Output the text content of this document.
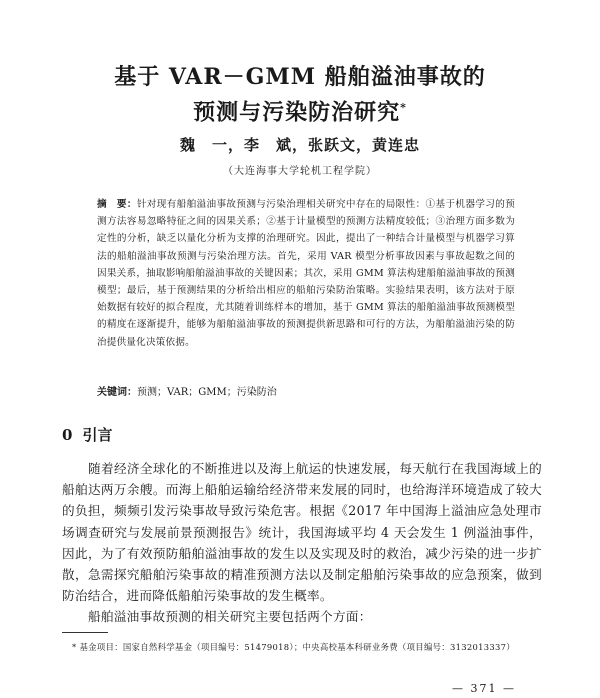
基于 VAR－GMM 船舶溢油事故的
预测与污染防治研究*
魏　一，李　斌，张跃文，黄连忠
（大连海事大学轮机工程学院）
摘　要：针对现有船舶溢油事故预测与污染治理相关研究中存在的局限性：①基于机器学习的预测方法容易忽略特征之间的因果关系；②基于计量模型的预测方法精度较低；③治理方面多数为定性的分析，缺乏以量化分析为支撑的治理研究。因此，提出了一种结合计量模型与机器学习算法的船舶溢油事故预测与污染治理方法。首先，采用 VAR 模型分析事故因素与事故起数之间的因果关系，抽取影响船舶溢油事故的关键因素；其次，采用 GMM 算法构建船舶溢油事故的预测模型；最后，基于预测结果的分析给出相应的船舶污染防治策略。实验结果表明，该方法对于原始数据有较好的拟合程度，尤其随着训练样本的增加，基于 GMM 算法的船舶溢油事故预测模型的精度在逐渐提升，能够为船舶溢油事故的预测提供新思路和可行的方法，为船舶溢油污染的防治提供量化决策依据。
关键词：预测；VAR；GMM；污染防治
0 引言

随着经济全球化的不断推进以及海上航运的快速发展，每天航行在我国海域上的船舶达两万余艘。而海上船舶运输给经济带来发展的同时，也给海洋环境造成了较大的负担，频频引发污染事故导致污染危害。根据《2017 年中国海上溢油应急处理市场调查研究与发展前景预测报告》统计，我国海域平均 4 天会发生 1 例溢油事件，因此，为了有效预防船舶溢油事故的发生以及实现及时的救治，减少污染的进一步扩散，急需探究船舶污染事故的精准预测方法以及制定船舶污染事故的应急预案，做到防治结合，进而降低船舶污染事故的发生概率。

船舶溢油事故预测的相关研究主要包括两个方面：

* 基金项目：国家自然科学基金（项目编号：51479018）；中央高校基本科研业务费（项目编号：3132013337）
— 371 —
